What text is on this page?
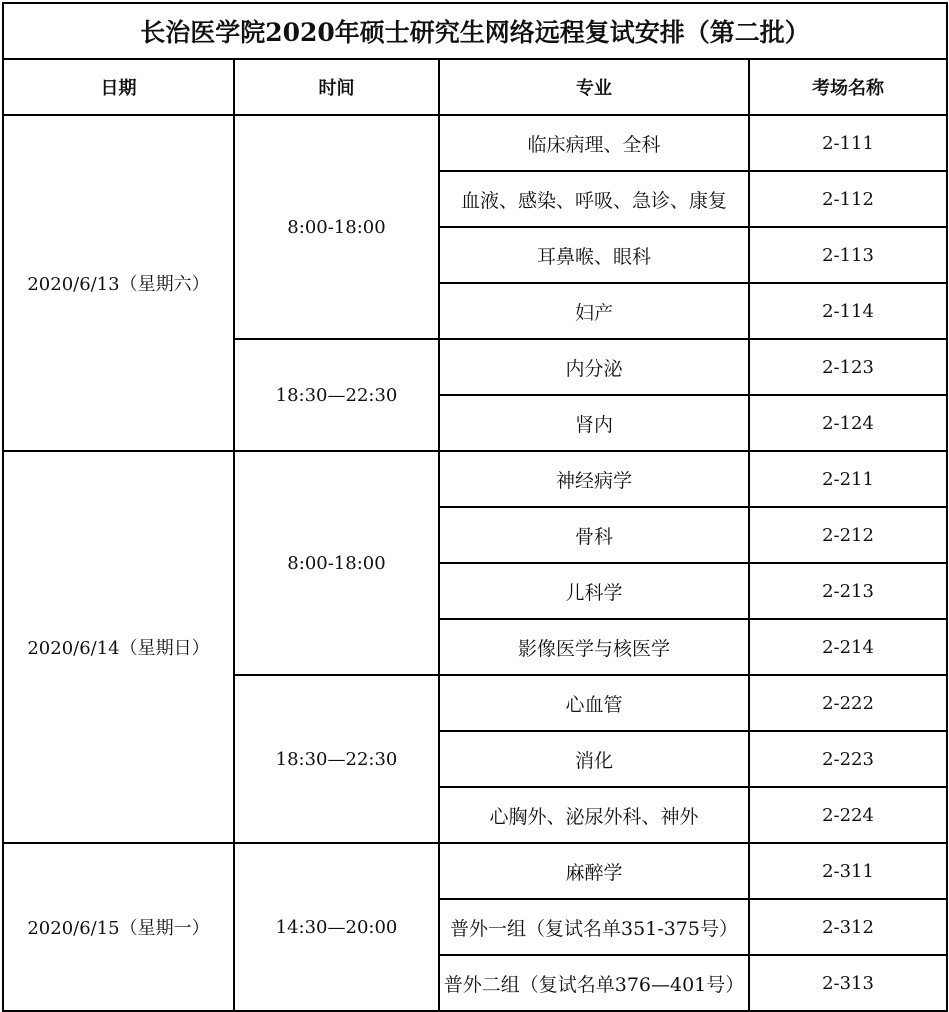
长治医学院2020年硕士研究生网络远程复试安排（第二批）			
日期	时间	专业	考场名称
2020/6/13（星期六）	8:00-18:00	临床病理、全科	2-111
		血液、感染、呼吸、急诊、康复	2-112
		耳鼻喉、眼科	2-113
		妇产	2-114
	18:30—22:30	内分泌	2-123
		肾内	2-124
2020/6/14（星期日）	8:00-18:00	神经病学	2-211
		骨科	2-212
		儿科学	2-213
		影像医学与核医学	2-214
	18:30—22:30	心血管	2-222
		消化	2-223
		心胸外、泌尿外科、神外	2-224
2020/6/15（星期一）	14:30—20:00	麻醉学	2-311
		普外一组（复试名单351-375号）	2-312
		普外二组（复试名单376—401号）	2-313
